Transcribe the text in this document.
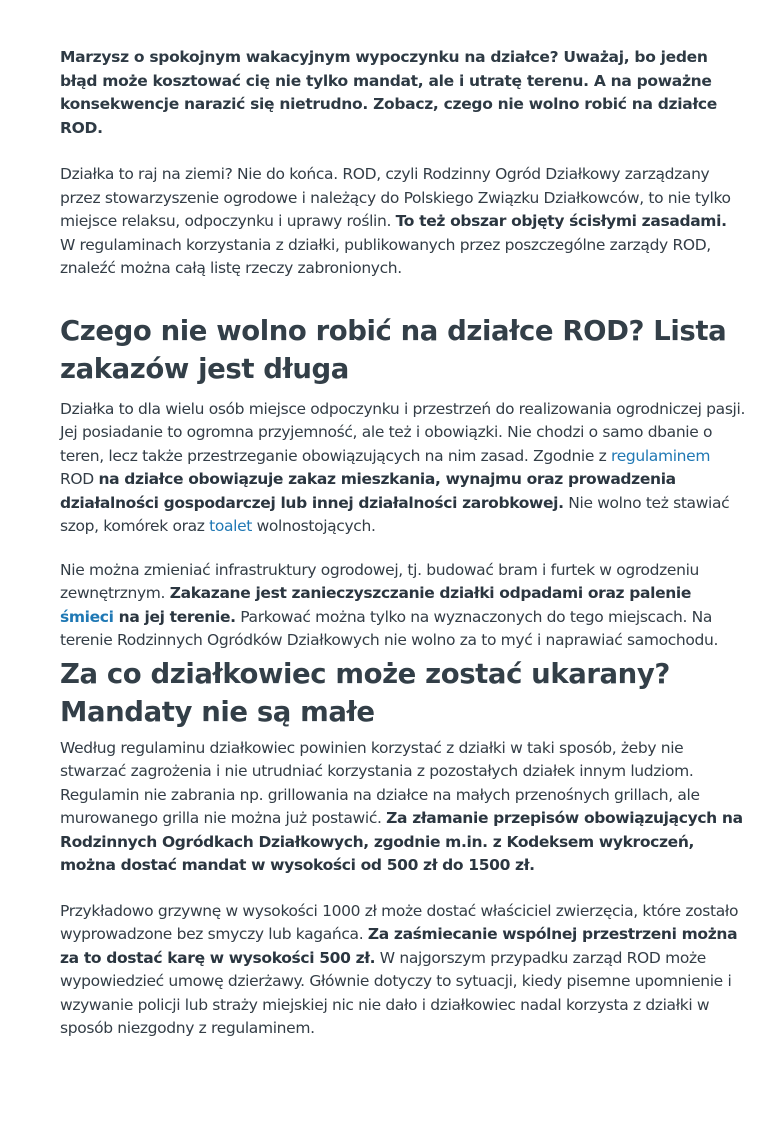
Marzysz o spokojnym wakacyjnym wypoczynku na działce? Uważaj, bo jeden błąd może kosztować cię nie tylko mandat, ale i utratę terenu. A na poważne konsekwencje narazić się nietrudno. Zobacz, czego nie wolno robić na działce ROD.

Działka to raj na ziemi? Nie do końca. ROD, czyli Rodzinny Ogród Działkowy zarządzany przez stowarzyszenie ogrodowe i należący do Polskiego Związku Działkowców, to nie tylko miejsce relaksu, odpoczynku i uprawy roślin. To też obszar objęty ścisłymi zasadami. W regulaminach korzystania z działki, publikowanych przez poszczególne zarządy ROD, znaleźć można całą listę rzeczy zabronionych.

Czego nie wolno robić na działce ROD? Lista zakazów jest długa

Działka to dla wielu osób miejsce odpoczynku i przestrzeń do realizowania ogrodniczej pasji. Jej posiadanie to ogromna przyjemność, ale też i obowiązki. Nie chodzi o samo dbanie o teren, lecz także przestrzeganie obowiązujących na nim zasad. Zgodnie z regulaminem ROD na działce obowiązuje zakaz mieszkania, wynajmu oraz prowadzenia działalności gospodarczej lub innej działalności zarobkowej. Nie wolno też stawiać szop, komórek oraz toalet wolnostojących.

Nie można zmieniać infrastruktury ogrodowej, tj. budować bram i furtek w ogrodzeniu zewnętrznym. Zakazane jest zanieczyszczanie działki odpadami oraz palenie śmieci na jej terenie. Parkować można tylko na wyznaczonych do tego miejscach. Na terenie Rodzinnych Ogródków Działkowych nie wolno za to myć i naprawiać samochodu.

Za co działkowiec może zostać ukarany? Mandaty nie są małe

Według regulaminu działkowiec powinien korzystać z działki w taki sposób, żeby nie stwarzać zagrożenia i nie utrudniać korzystania z pozostałych działek innym ludziom. Regulamin nie zabrania np. grillowania na działce na małych przenośnych grillach, ale murowanego grilla nie można już postawić. Za złamanie przepisów obowiązujących na Rodzinnych Ogródkach Działkowych, zgodnie m.in. z Kodeksem wykroczeń, można dostać mandat w wysokości od 500 zł do 1500 zł.

Przykładowo grzywnę w wysokości 1000 zł może dostać właściciel zwierzęcia, które zostało wyprowadzone bez smyczy lub kagańca. Za zaśmiecanie wspólnej przestrzeni można za to dostać karę w wysokości 500 zł. W najgorszym przypadku zarząd ROD może wypowiedzieć umowę dzierżawy. Głównie dotyczy to sytuacji, kiedy pisemne upomnienie i wzywanie policji lub straży miejskiej nic nie dało i działkowiec nadal korzysta z działki w sposób niezgodny z regulaminem.
